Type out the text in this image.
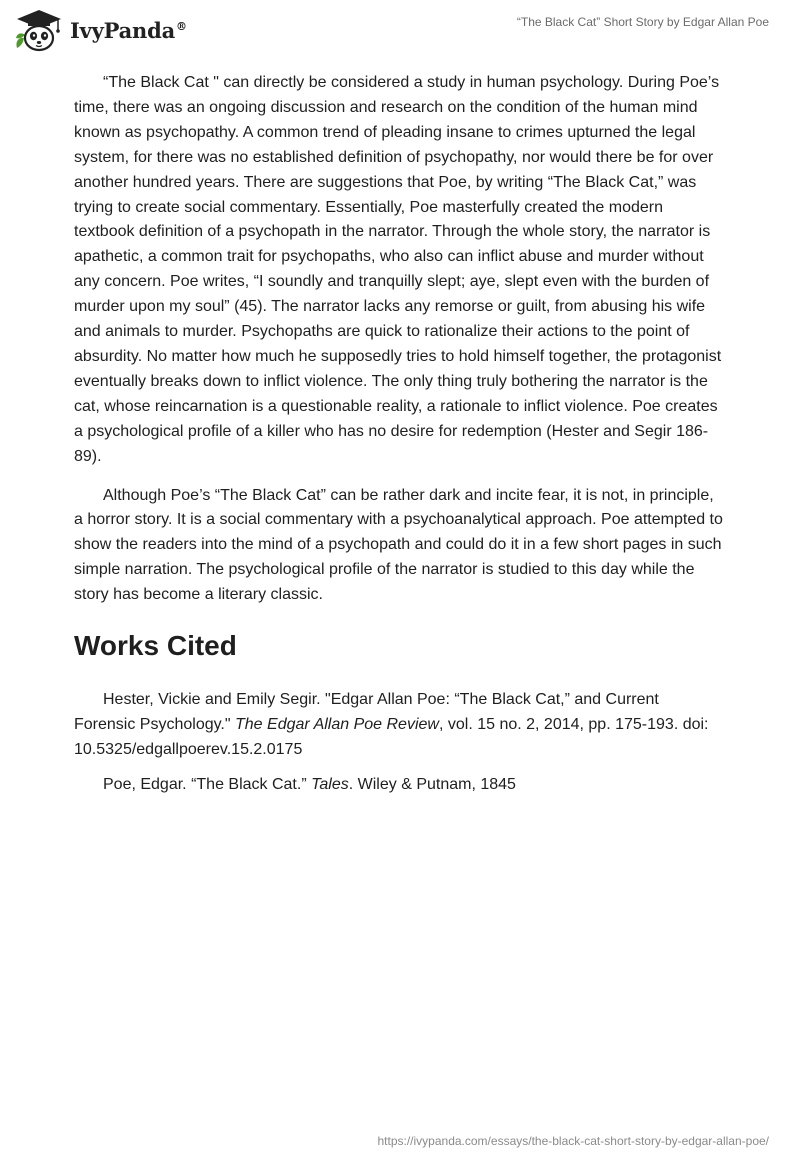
IvyPanda®	“The Black Cat” Short Story by Edgar Allan Poe

“The Black Cat " can directly be considered a study in human psychology. During Poe’s time, there was an ongoing discussion and research on the condition of the human mind known as psychopathy. A common trend of pleading insane to crimes upturned the legal system, for there was no established definition of psychopathy, nor would there be for over another hundred years. There are suggestions that Poe, by writing “The Black Cat,” was trying to create social commentary. Essentially, Poe masterfully created the modern textbook definition of a psychopath in the narrator. Through the whole story, the narrator is apathetic, a common trait for psychopaths, who also can inflict abuse and murder without any concern. Poe writes, “I soundly and tranquilly slept; aye, slept even with the burden of murder upon my soul” (45). The narrator lacks any remorse or guilt, from abusing his wife and animals to murder. Psychopaths are quick to rationalize their actions to the point of absurdity. No matter how much he supposedly tries to hold himself together, the protagonist eventually breaks down to inflict violence. The only thing truly bothering the narrator is the cat, whose reincarnation is a questionable reality, a rationale to inflict violence. Poe creates a psychological profile of a killer who has no desire for redemption (Hester and Segir 186-89).

Although Poe’s “The Black Cat” can be rather dark and incite fear, it is not, in principle, a horror story. It is a social commentary with a psychoanalytical approach. Poe attempted to show the readers into the mind of a psychopath and could do it in a few short pages in such simple narration. The psychological profile of the narrator is studied to this day while the story has become a literary classic.

Works Cited

Hester, Vickie and Emily Segir. "Edgar Allan Poe: “The Black Cat,” and Current Forensic Psychology." The Edgar Allan Poe Review, vol. 15 no. 2, 2014, pp. 175-193. doi: 10.5325/edgallpoerev.15.2.0175

Poe, Edgar. “The Black Cat.” Tales. Wiley & Putnam, 1845

https://ivypanda.com/essays/the-black-cat-short-story-by-edgar-allan-poe/
